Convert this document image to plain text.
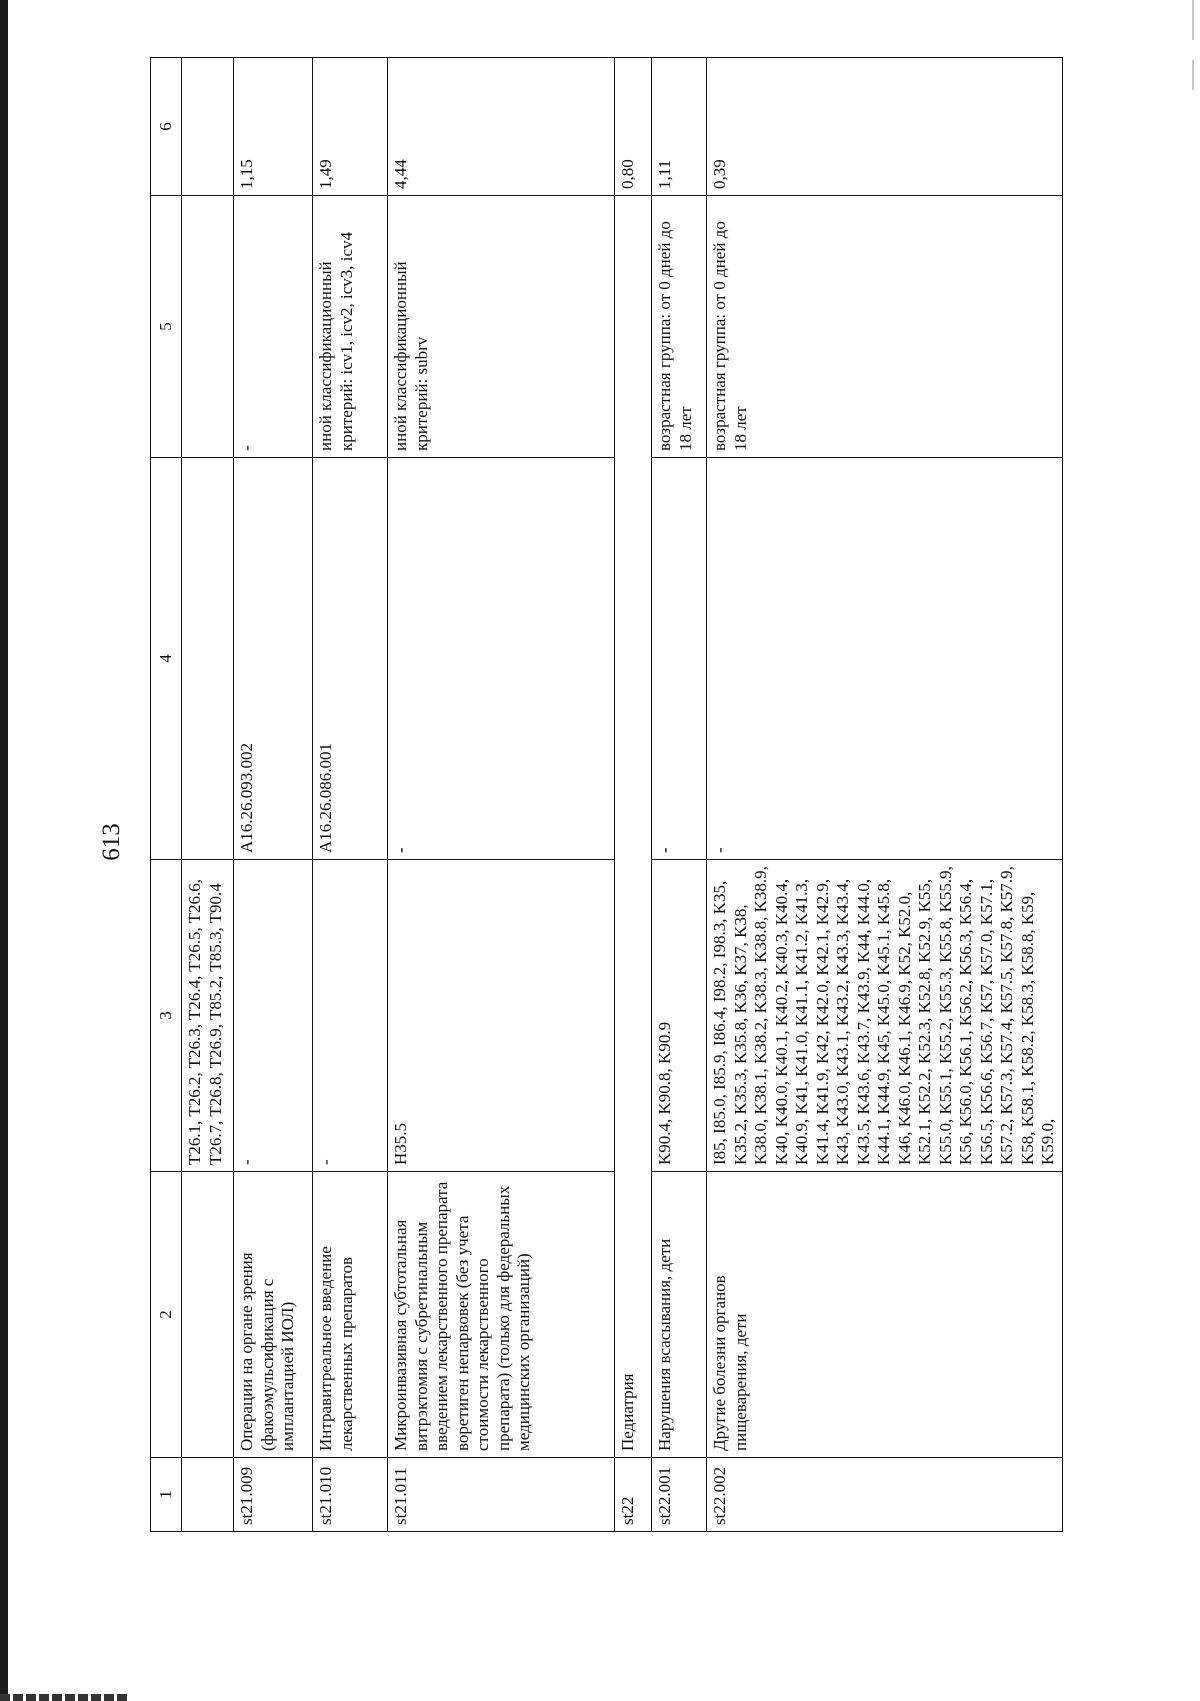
613
1	2	3	4	5	6
		T26.1, T26.2, T26.3, T26.4, T26.5, T26.6, T26.7, T26.8, T26.9, T85.2, T85.3, T90.4			
st21.009	Операции на органе зрения (факоэмульсификация с имплантацией ИОЛ)	-	A16.26.093.002	-	1,15
st21.010	Интравитреальное введение лекарственных препаратов	-	A16.26.086.001	иной классификационный критерий: icv1, icv2, icv3, icv4	1,49
st21.011	Микроинвазивная субтотальная витрэктомия с субретинальным введением лекарственного препарата воретиген непарвовек (без учета стоимости лекарственного препарата) (только для федеральных медицинских организаций)	H35.5	-	иной классификационный критерий: subrv	4,44
st22	Педиатрия				0,80
st22.001	Нарушения всасывания, дети	K90.4, K90.8, K90.9	-	возрастная группа: от 0 дней до 18 лет	1,11
st22.002	Другие болезни органов пищеварения, дети	I85, I85.0, I85.9, I86.4, I98.2, I98.3, K35, K35.2, K35.3, K35.8, K36, K37, K38, K38.0, K38.1, K38.2, K38.3, K38.8, K38.9, K40, K40.0, K40.1, K40.2, K40.3, K40.4, K40.9, K41, K41.0, K41.1, K41.2, K41.3, K41.4, K41.9, K42, K42.0, K42.1, K42.9, K43, K43.0, K43.1, K43.2, K43.3, K43.4, K43.5, K43.6, K43.7, K43.9, K44, K44.0, K44.1, K44.9, K45, K45.0, K45.1, K45.8, K46, K46.0, K46.1, K46.9, K52, K52.0, K52.1, K52.2, K52.3, K52.8, K52.9, K55, K55.0, K55.1, K55.2, K55.3, K55.8, K55.9, K56, K56.0, K56.1, K56.2, K56.3, K56.4, K56.5, K56.6, K56.7, K57, K57.0, K57.1, K57.2, K57.3, K57.4, K57.5, K57.8, K57.9, K58, K58.1, K58.2, K58.3, K58.8, K59, K59.0,	-	возрастная группа: от 0 дней до 18 лет	0,39
